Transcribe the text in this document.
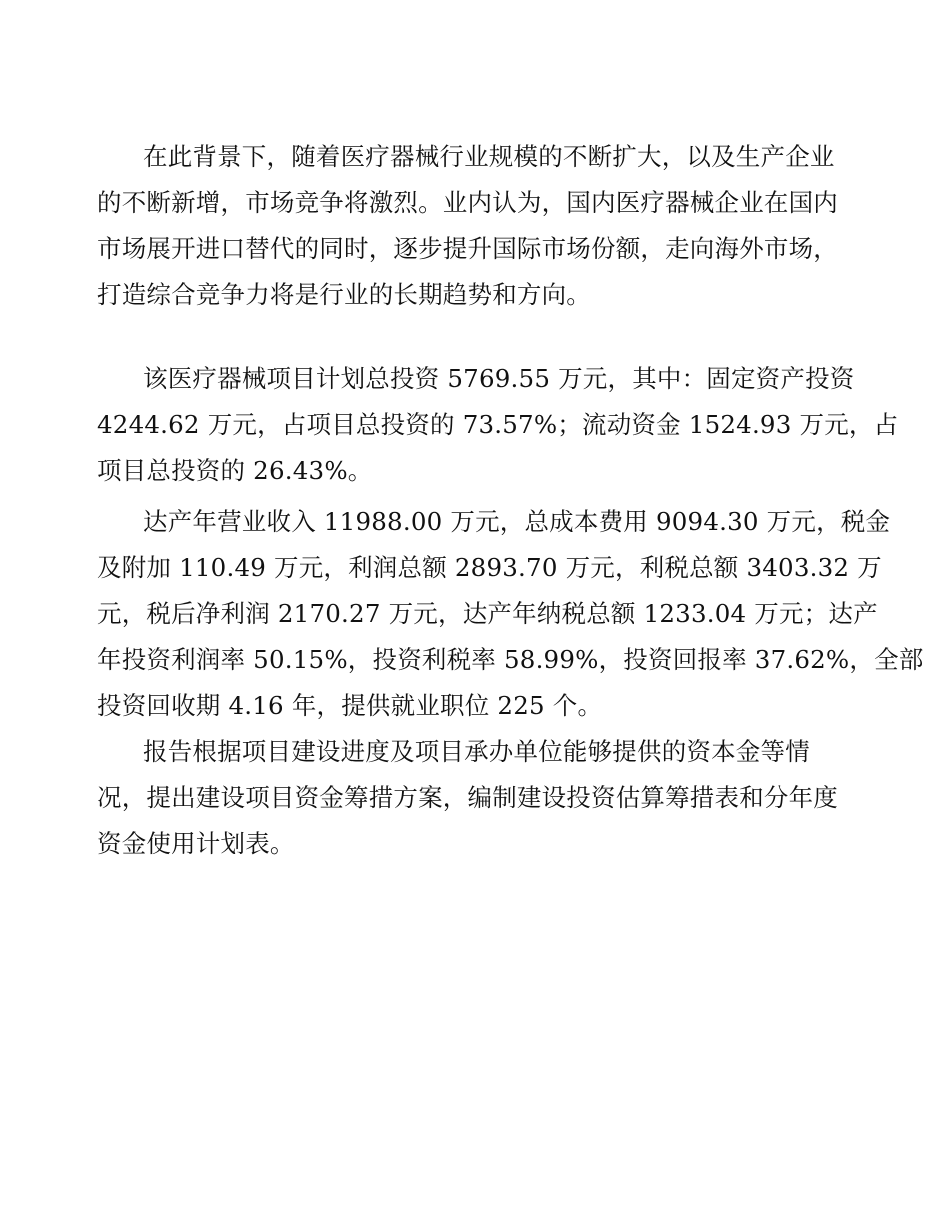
在此背景下，随着医疗器械行业规模的不断扩大，以及生产企业

的不断新增，市场竞争将激烈。业内认为，国内医疗器械企业在国内

市场展开进口替代的同时，逐步提升国际市场份额，走向海外市场，

打造综合竞争力将是行业的长期趋势和方向。

该医疗器械项目计划总投资 5769.55 万元，其中：固定资产投资

4244.62 万元，占项目总投资的 73.57%；流动资金 1524.93 万元，占

项目总投资的 26.43%。

达产年营业收入 11988.00 万元，总成本费用 9094.30 万元，税金

及附加 110.49 万元，利润总额 2893.70 万元，利税总额 3403.32 万

元，税后净利润 2170.27 万元，达产年纳税总额 1233.04 万元；达产

年投资利润率 50.15%，投资利税率 58.99%，投资回报率 37.62%，全部

投资回收期 4.16 年，提供就业职位 225 个。

报告根据项目建设进度及项目承办单位能够提供的资本金等情

况，提出建设项目资金筹措方案，编制建设投资估算筹措表和分年度

资金使用计划表。
